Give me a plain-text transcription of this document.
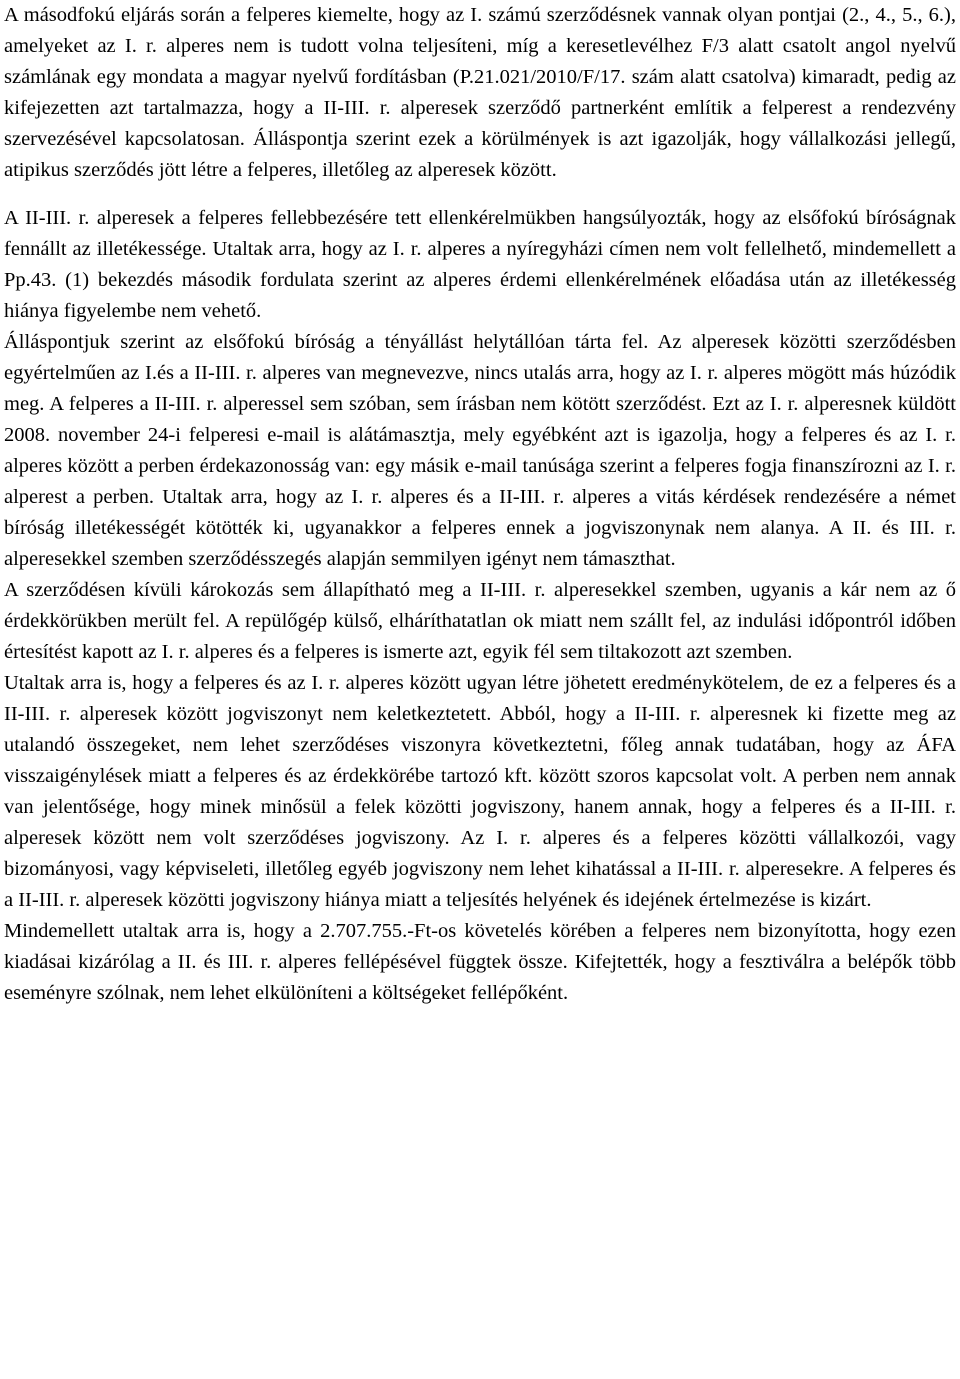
A másodfokú eljárás során a felperes kiemelte, hogy az I. számú szerződésnek vannak olyan pontjai (2., 4., 5., 6.), amelyeket az I. r. alperes nem is tudott volna teljesíteni, míg a keresetlevélhez F/3 alatt csatolt angol nyelvű számlának egy mondata a magyar nyelvű fordításban (P.21.021/2010/F/17. szám alatt csatolva) kimaradt, pedig az kifejezetten azt tartalmazza, hogy a II-III. r. alperesek szerződő partnerként említik a felperest a rendezvény szervezésével kapcsolatosan. Álláspontja szerint ezek a körülmények is azt igazolják, hogy vállalkozási jellegű, atipikus szerződés jött létre a felperes, illetőleg az alperesek között.

A II-III. r. alperesek a felperes fellebbezésére tett ellenkérelmükben hangsúlyozták, hogy az elsőfokú bíróságnak fennállt az illetékessége. Utaltak arra, hogy az I. r. alperes a nyíregyházi címen nem volt fellelhető, mindemellett a Pp.43. (1) bekezdés második fordulata szerint az alperes érdemi ellenkérelmének előadása után az illetékesség hiánya figyelembe nem vehető.

Álláspontjuk szerint az elsőfokú bíróság a tényállást helytállóan tárta fel. Az alperesek közötti szerződésben egyértelműen az I.és a II-III. r. alperes van megnevezve, nincs utalás arra, hogy az I. r. alperes mögött más húzódik meg. A felperes a II-III. r. alperessel sem szóban, sem írásban nem kötött szerződést. Ezt az I. r. alperesnek küldött 2008. november 24-i felperesi e-mail is alátámasztja, mely egyébként azt is igazolja, hogy a felperes és az I. r. alperes között a perben érdekazonosság van: egy másik e-mail tanúsága szerint a felperes fogja finanszírozni az I. r. alperest a perben. Utaltak arra, hogy az I. r. alperes és a II-III. r. alperes a vitás kérdések rendezésére a német bíróság illetékességét kötötték ki, ugyanakkor a felperes ennek a jogviszonynak nem alanya. A II. és III. r. alperesekkel szemben szerződésszegés alapján semmilyen igényt nem támaszthat.

A szerződésen kívüli károkozás sem állapítható meg a II-III. r. alperesekkel szemben, ugyanis a kár nem az ő érdekkörükben merült fel. A repülőgép külső, elháríthatatlan ok miatt nem szállt fel, az indulási időpontról időben értesítést kapott az I. r. alperes és a felperes is ismerte azt, egyik fél sem tiltakozott azt szemben.

Utaltak arra is, hogy a felperes és az I. r. alperes között ugyan létre jöhetett eredménykötelem, de ez a felperes és a II-III. r. alperesek között jogviszonyt nem keletkeztetett. Abból, hogy a II-III. r. alperesnek ki fizette meg az utalandó összegeket, nem lehet szerződéses viszonyra következtetni, főleg annak tudatában, hogy az ÁFA visszaigénylések miatt a felperes és az érdekkörébe tartozó kft. között szoros kapcsolat volt. A perben nem annak van jelentősége, hogy minek minősül a felek közötti jogviszony, hanem annak, hogy a felperes és a II-III. r. alperesek között nem volt szerződéses jogviszony. Az I. r. alperes és a felperes közötti vállalkozói, vagy bizományosi, vagy képviseleti, illetőleg egyéb jogviszony nem lehet kihatással a II-III. r. alperesekre. A felperes és a II-III. r. alperesek közötti jogviszony hiánya miatt a teljesítés helyének és idejének értelmezése is kizárt.

Mindemellett utaltak arra is, hogy a 2.707.755.-Ft-os követelés körében a felperes nem bizonyította, hogy ezen kiadásai kizárólag a II. és III. r. alperes fellépésével függtek össze. Kifejtették, hogy a fesztiválra a belépők több eseményre szólnak, nem lehet elkülöníteni a költségeket fellépőként.
